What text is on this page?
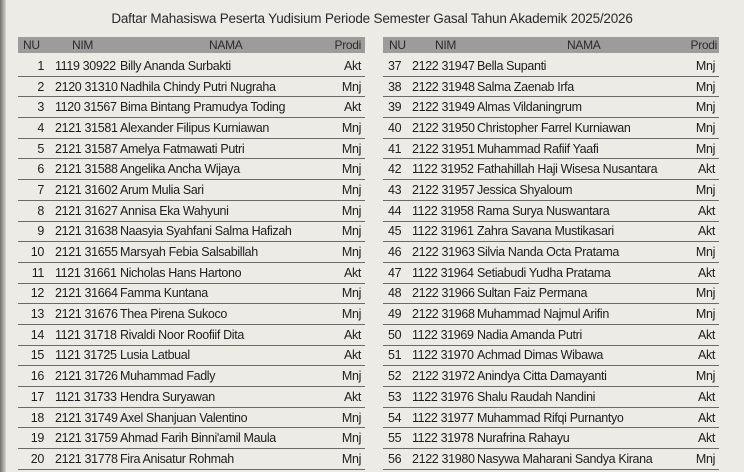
Daftar Mahasiswa Peserta Yudisium Periode Semester Gasal Tahun Akademik 2025/2026
NU	NIM	NAMA	Prodi
1 1119 30922 Billy Ananda Surbakti	Akt
2 2120 31310 Nadhila Chindy Putri Nugraha	Mnj
3 1120 31567 Bima Bintang Pramudya Toding	Akt
4 2121 31581 Alexander Filipus Kurniawan	Mnj
5 2121 31587 Amelya Fatmawati Putri	Mnj
6 2121 31588 Angelika Ancha Wijaya	Mnj
7 2121 31602 Arum Mulia Sari	Mnj
8 2121 31627 Annisa Eka Wahyuni	Mnj
9 2121 31638 Naasyia Syahfani Salma Hafizah	Mnj
10 2121 31655 Marsyah Febia Salsabillah	Mnj
11 1121 31661 Nicholas Hans Hartono	Akt
12 2121 31664 Famma Kuntana	Mnj
13 2121 31676 Thea Pirena Sukoco	Mnj
14 1121 31718 Rivaldi Noor Roofiif Dita	Akt
15 1121 31725 Lusia Latbual	Akt
16 2121 31726 Muhammad Fadly	Mnj
17 1121 31733 Hendra Suryawan	Akt
18 2121 31749 Axel Shanjuan Valentino	Mnj
19 2121 31759 Ahmad Farih Binni'amil Maula	Mnj
20 2121 31778 Fira Anisatur Rohmah	Mnj
NU NIM	NAMA	Prodi
37 2122 31947 Bella Supanti	Mnj
38 2122 31948 Salma Zaenab Irfa	Mnj
39 2122 31949 Almas Vildaningrum	Mnj
40 2122 31950 Christopher Farrel Kurniawan	Mnj
41 2122 31951 Muhammad Rafiif Yaafi	Mnj
42 1122 31952 Fathahillah Haji Wisesa Nusantara	Akt
43 2122 31957 Jessica Shyaloum	Mnj
44 1122 31958 Rama Surya Nuswantara	Akt
45 1122 31961 Zahra Savana Mustikasari	Akt
46 2122 31963 Silvia Nanda Octa Pratama	Mnj
47 1122 31964 Setiabudi Yudha Pratama	Akt
48 2122 31966 Sultan Faiz Permana	Mnj
49 2122 31968 Muhammad Najmul Arifin	Mnj
50 1122 31969 Nadia Amanda Putri	Akt
51 1122 31970 Achmad Dimas Wibawa	Akt
52 2122 31972 Anindya Citta Damayanti	Mnj
53 1122 31976 Shalu Raudah Nandini	Akt
54 1122 31977 Muhammad Rifqi Purnantyo	Akt
55 1122 31978 Nurafrina Rahayu	Akt
56 2122 31980 Nasywa Maharani Sandya Kirana	Mnj
